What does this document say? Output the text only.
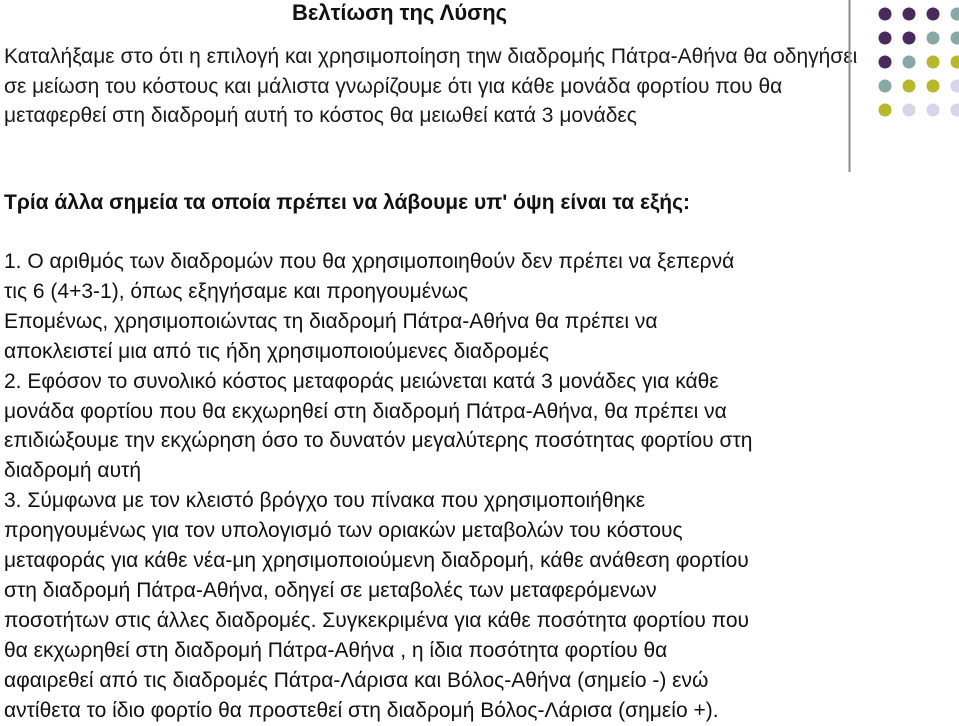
Βελτίωση της Λύσης

Καταλήξαμε στο ότι η επιλογή και χρησιμοποίηση τηw διαδρομής Πάτρα-Αθήνα θα οδηγήσει σε μείωση του κόστους και μάλιστα γνωρίζουμε ότι για κάθε μονάδα φορτίου που θα μεταφερθεί στη διαδρομή αυτή το κόστος θα μειωθεί κατά 3 μονάδες

Τρία άλλα σημεία τα οποία πρέπει να λάβουμε υπ' όψη είναι τα εξής:

1. Ο αριθμός των διαδρομών που θα χρησιμοποιηθούν δεν πρέπει να ξεπερνά
τις 6 (4+3-1), όπως εξηγήσαμε και προηγουμένως
Επομένως, χρησιμοποιώντας τη διαδρομή Πάτρα-Αθήνα θα πρέπει να
αποκλειστεί μια από τις ήδη χρησιμοποιούμενες διαδρομές
2. Εφόσον το συνολικό κόστος μεταφοράς μειώνεται κατά 3 μονάδες για κάθε
μονάδα φορτίου που θα εκχωρηθεί στη διαδρομή Πάτρα-Αθήνα, θα πρέπει να
επιδιώξουμε την εκχώρηση όσο το δυνατόν μεγαλύτερης ποσότητας φορτίου στη
διαδρομή αυτή
3. Σύμφωνα με τον κλειστό βρόγχο του πίνακα που χρησιμοποιήθηκε
προηγουμένως για τον υπολογισμό των οριακών μεταβολών του κόστους
μεταφοράς για κάθε νέα-μη χρησιμοποιούμενη διαδρομή, κάθε ανάθεση φορτίου
στη διαδρομή Πάτρα-Αθήνα, οδηγεί σε μεταβολές των μεταφερόμενων
ποσοτήτων στις άλλες διαδρομές. Συγκεκριμένα για κάθε ποσότητα φορτίου που
θα εκχωρηθεί στη διαδρομή Πάτρα-Αθήνα , η ίδια ποσότητα φορτίου θα
αφαιρεθεί από τις διαδρομές Πάτρα-Λάρισα και Βόλος-Αθήνα (σημείο -) ενώ
αντίθετα το ίδιο φορτίο θα προστεθεί στη διαδρομή Βόλος-Λάρισα (σημείο +).
